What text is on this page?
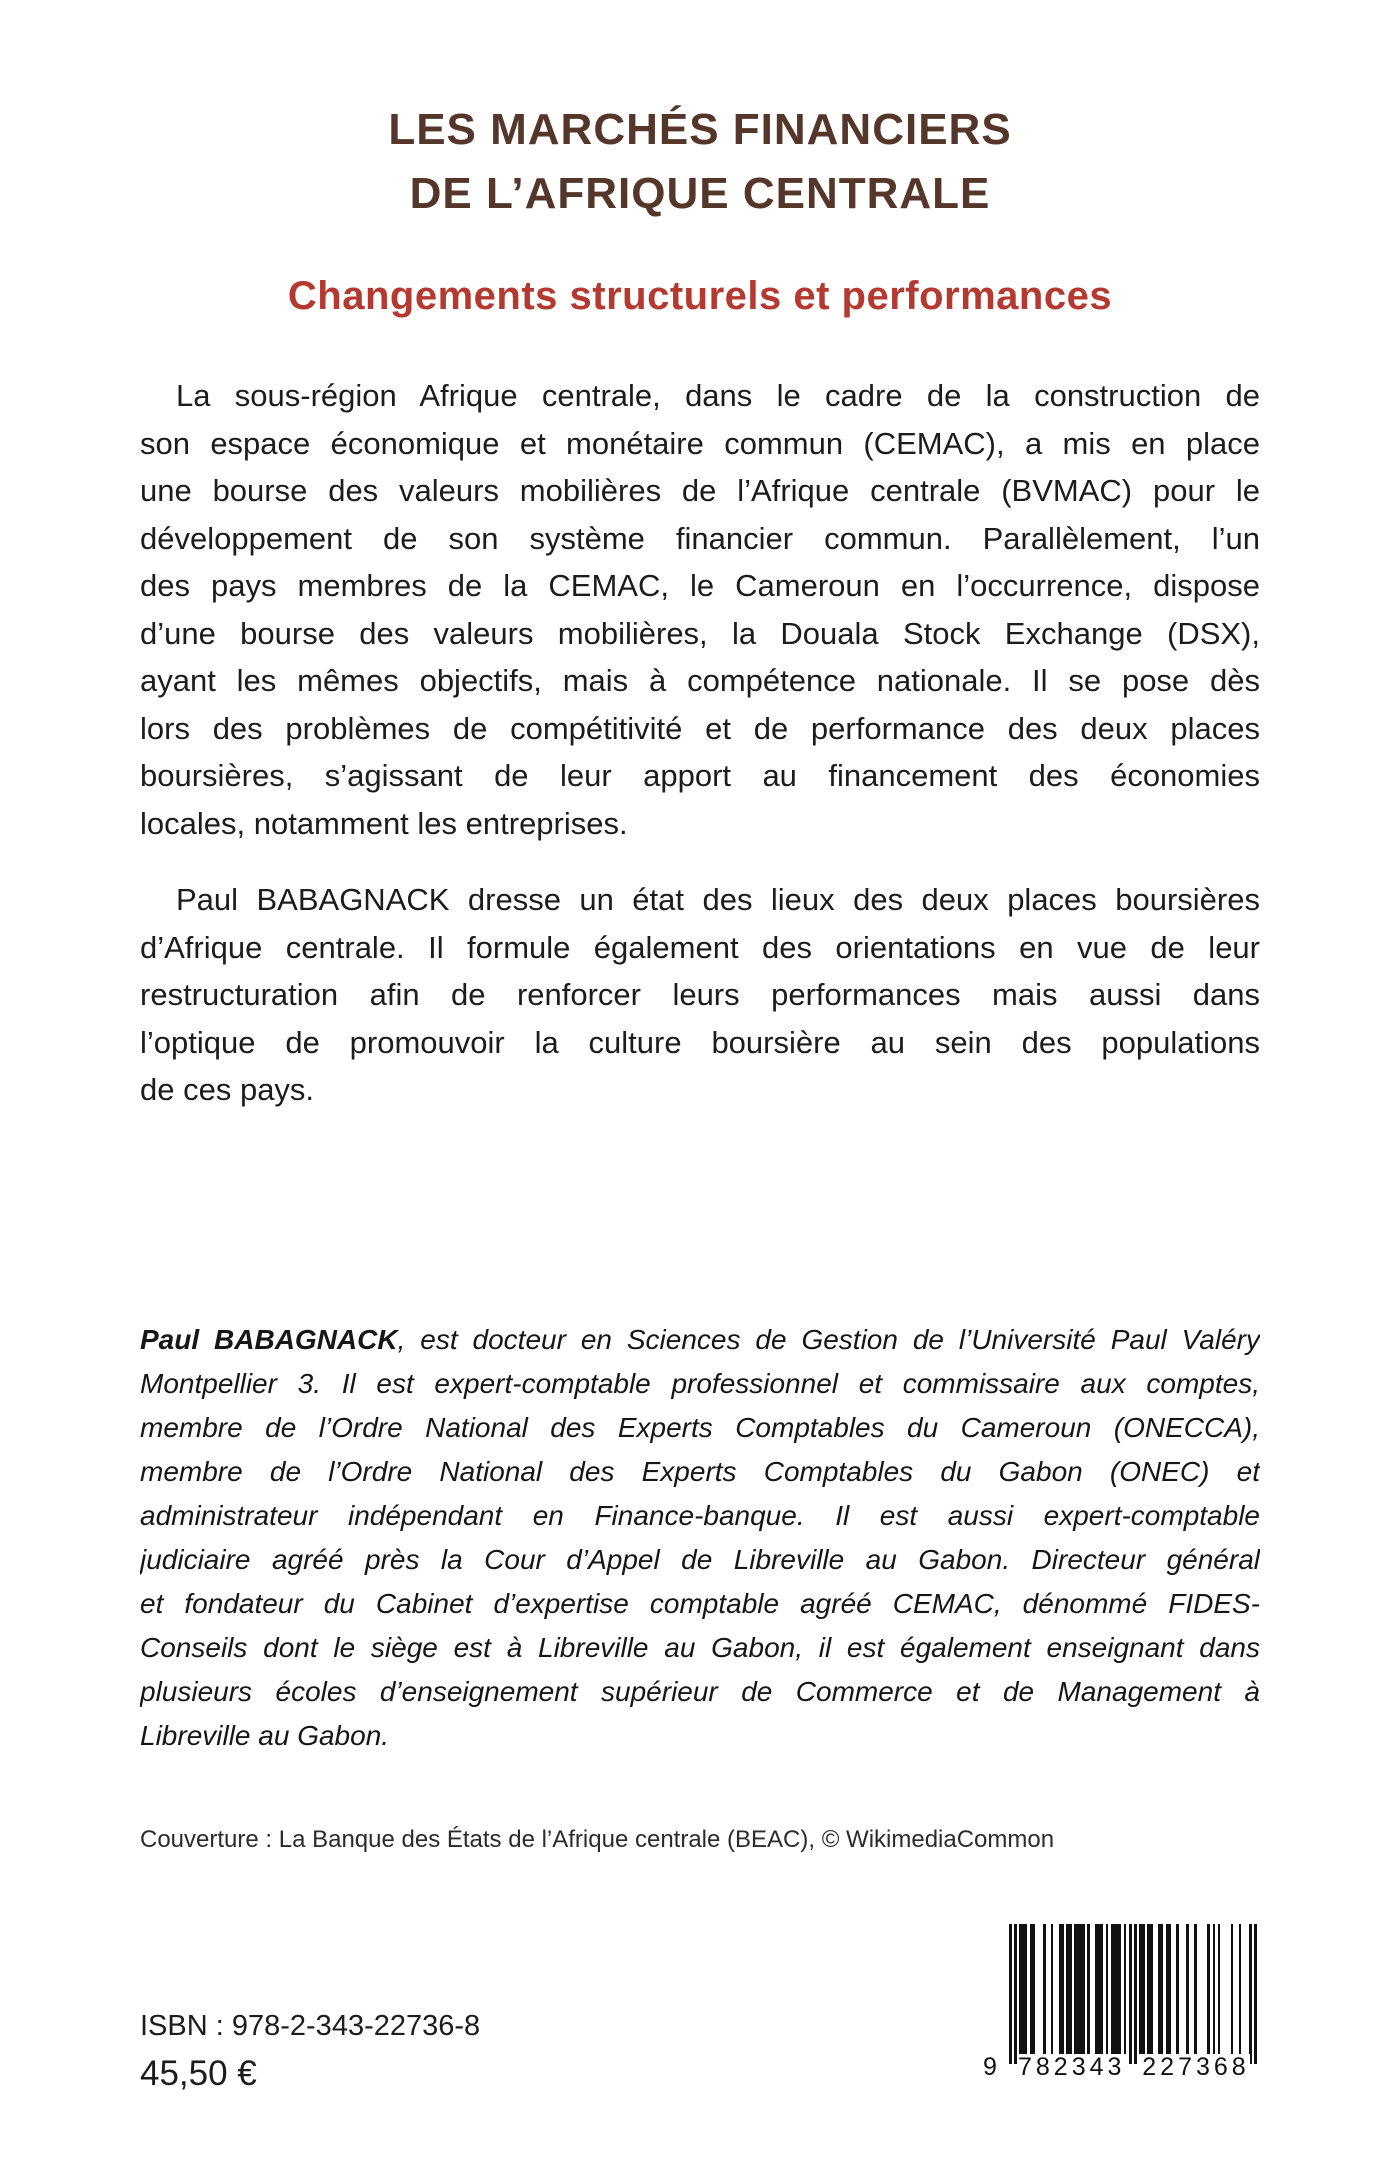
LES MARCHÉS FINANCIERS
DE L’AFRIQUE CENTRALE
Changements structurels et performances
La sous-région Afrique centrale, dans le cadre de la construction de
son espace économique et monétaire commun (CEMAC), a mis en place
une bourse des valeurs mobilières de l’Afrique centrale (BVMAC) pour le
développement de son système financier commun. Parallèlement, l’un
des pays membres de la CEMAC, le Cameroun en l’occurrence, dispose
d’une bourse des valeurs mobilières, la Douala Stock Exchange (DSX),
ayant les mêmes objectifs, mais à compétence nationale. Il se pose dès
lors des problèmes de compétitivité et de performance des deux places
boursières, s’agissant de leur apport au financement des économies
locales, notamment les entreprises.
Paul BABAGNACK dresse un état des lieux des deux places boursières
d’Afrique centrale. Il formule également des orientations en vue de leur
restructuration afin de renforcer leurs performances mais aussi dans
l’optique de promouvoir la culture boursière au sein des populations
de ces pays.
Paul BABAGNACK, est docteur en Sciences de Gestion de l’Université Paul Valéry
Montpellier 3. Il est expert-comptable professionnel et commissaire aux comptes,
membre de l’Ordre National des Experts Comptables du Cameroun (ONECCA),
membre de l’Ordre National des Experts Comptables du Gabon (ONEC) et
administrateur indépendant en Finance-banque. Il est aussi expert-comptable
judiciaire agréé près la Cour d’Appel de Libreville au Gabon. Directeur général
et fondateur du Cabinet d’expertise comptable agréé CEMAC, dénommé FIDES-
Conseils dont le siège est à Libreville au Gabon, il est également enseignant dans
plusieurs écoles d’enseignement supérieur de Commerce et de Management à
Libreville au Gabon.
Couverture : La Banque des États de l’Afrique centrale (BEAC), © WikimediaCommon
ISBN : 978-2-343-22736-8
45,50 €	9 782343 227368
